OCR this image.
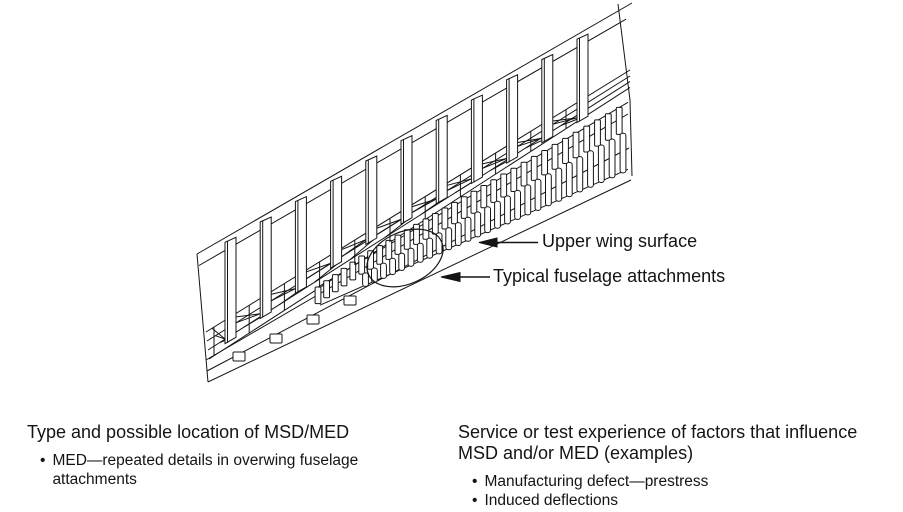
Upper wing surface
Typical fuselage attachments
Type and possible location of MSD/MED
• MED—repeated details in overwing fuselage
attachments
Service or test experience of factors that influence
MSD and/or MED (examples)
• Manufacturing defect—prestress
• Induced deflections
